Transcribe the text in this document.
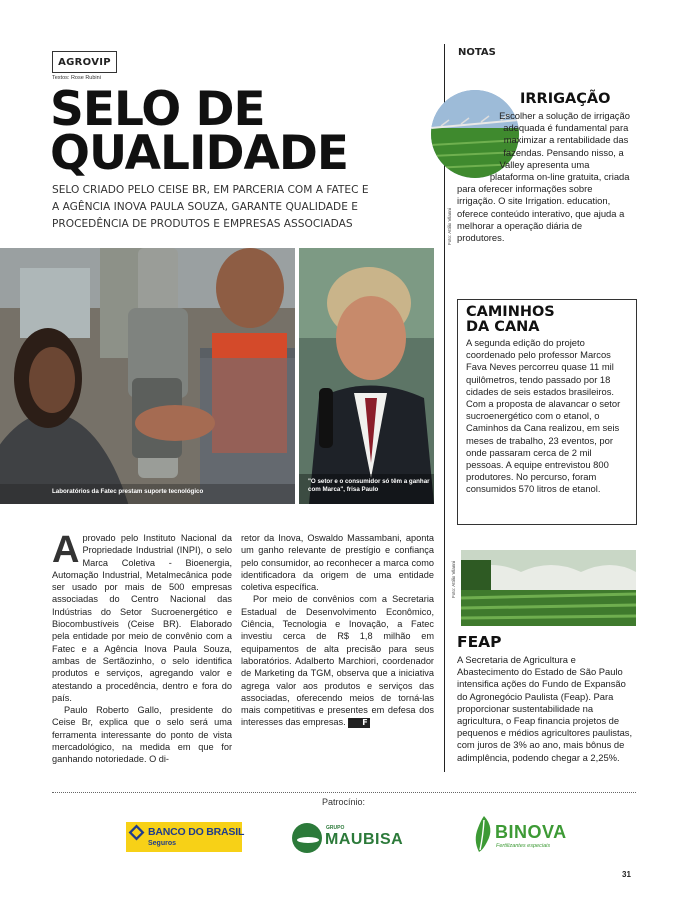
AGROVIP
Textos: Rose Rubini
SELO DE QUALIDADE
SELO CRIADO PELO CEISE BR, EM PARCERIA COM A FATEC E A AGÊNCIA INOVA PAULA SOUZA, GARANTE QUALIDADE E PROCEDÊNCIA DE PRODUTOS E EMPRESAS ASSOCIADAS
Laboratórios da Fatec prestam suporte tecnológico
"O setor e o consumidor só têm a ganhar com Marca", frisa Paulo

Aprovado pelo Instituto Nacional da Propriedade Industrial (INPI), o selo Marca Coletiva - Bioenergia, Automação Industrial, Metalmecânica pode ser usado por mais de 500 empresas associadas do Centro Nacional das Indústrias do Setor Sucroenergético e Biocombustíveis (Ceise BR). Elaborado pela entidade por meio de convênio com a Fatec e a Agência Inova Paula Souza, ambas de Sertãozinho, o selo identifica produtos e serviços, agregando valor e atestando a procedência, dentro e fora do país.

Paulo Roberto Gallo, presidente do Ceise Br, explica que o selo será uma ferramenta interessante do ponto de vista mercadológico, na medida em que for ganhando notoriedade. O di-

retor da Inova, Oswaldo Massambani, aponta um ganho relevante de prestígio e confiança pelo consumidor, ao reconhecer a marca como identificadora da origem de uma entidade coletiva específica.

Por meio de convênios com a Secretaria Estadual de Desenvolvimento Econômico, Ciência, Tecnologia e Inovação, a Fatec investiu cerca de R$ 1,8 milhão em equipamentos de alta precisão para seus laboratórios. Adalberto Marchiori, coordenador de Marketing da TGM, observa que a iniciativa agrega valor aos produtos e serviços das associadas, oferecendo meios de torná-las mais competitivas e presentes em defesa dos interesses das empresas. F

NOTAS
Foto: Attilio Vilanni
IRRIGAÇÃO
Escolher a solução de irrigação adequada é fundamental para maximizar a rentabilidade das fazendas. Pensando nisso, a Valley apresenta uma plataforma on-line gratuita, criada para oferecer informações sobre irrigação. O site Irrigation. education, oferece conteúdo interativo, que ajuda a melhorar a operação diária de produtores.
CAMINHOS
DA CANA
A segunda edição do projeto coordenado pelo professor Marcos Fava Neves percorreu quase 11 mil quilômetros, tendo passado por 18 cidades de seis estados brasileiros. Com a proposta de alavancar o setor sucroenergético com o etanol, o Caminhos da Cana realizou, em seis meses de trabalho, 23 eventos, por onde passaram cerca de 2 mil pessoas. A equipe entrevistou 800 produtores. No percurso, foram consumidos 570 litros de etanol.
Foto: Attilio Vilanni
FEAP
A Secretaria de Agricultura e Abastecimento do Estado de São Paulo intensifica ações do Fundo de Expansão do Agronegócio Paulista (Feap). Para proporcionar sustentabilidade na agricultura, o Feap financia projetos de pequenos e médios agricultores paulistas, com juros de 3% ao ano, mais bônus de adimplência, podendo chegar a 2,25%.
Patrocínio:
BANCO DO BRASIL
Seguros
GRUPO
MAUBISA	BINOVA
Fertilizantes especiais
31
